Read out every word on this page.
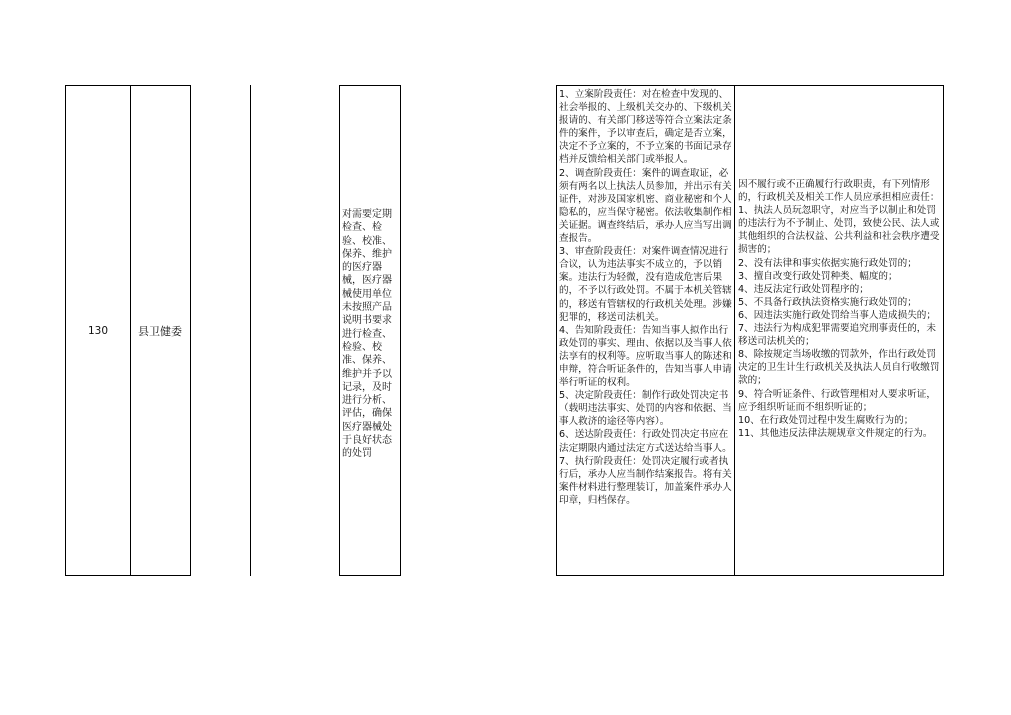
130	县卫健委
对需要定期检查、检验、校准、保养、维护的医疗器械，医疗器械使用单位未按照产品说明书要求进行检查、检验、校准、保养、维护并予以记录，及时进行分析、评估，确保医疗器械处于良好状态的处罚
1、立案阶段责任：对在检查中发现的、社会举报的、上级机关交办的、下级机关报请的、有关部门移送等符合立案法定条件的案件，予以审查后，确定是否立案，决定不予立案的，不予立案的书面记录存档并反馈给相关部门或举报人。
2、调查阶段责任：案件的调查取证，必须有两名以上执法人员参加，并出示有关证件，对涉及国家机密、商业秘密和个人隐私的，应当保守秘密。依法收集制作相关证据。调查终结后，承办人应当写出调查报告。
3、审查阶段责任：对案件调查情况进行合议，认为违法事实不成立的，予以销案。违法行为轻微，没有造成危害后果的，不予以行政处罚。不属于本机关管辖的，移送有管辖权的行政机关处理。涉嫌犯罪的，移送司法机关。
4、告知阶段责任：告知当事人拟作出行政处罚的事实、理由、依据以及当事人依法享有的权利等。应听取当事人的陈述和申辩，符合听证条件的，告知当事人申请举行听证的权利。
5、决定阶段责任：制作行政处罚决定书（载明违法事实、处罚的内容和依据、当事人救济的途径等内容）。
6、送达阶段责任：行政处罚决定书应在法定期限内通过法定方式送达给当事人。
7、执行阶段责任：处罚决定履行或者执行后，承办人应当制作结案报告。将有关案件材料进行整理装订，加盖案件承办人印章，归档保存。
因不履行或不正确履行行政职责，有下列情形的，行政机关及相关工作人员应承担相应责任：
1、执法人员玩忽职守，对应当予以制止和处罚的违法行为不予制止、处罚，致使公民、法人或其他组织的合法权益、公共利益和社会秩序遭受损害的；
2、没有法律和事实依据实施行政处罚的；
3、擅自改变行政处罚种类、幅度的；
4、违反法定行政处罚程序的；
5、不具备行政执法资格实施行政处罚的；
6、因违法实施行政处罚给当事人造成损失的；
7、违法行为构成犯罪需要追究刑事责任的，未移送司法机关的；
8、除按规定当场收缴的罚款外，作出行政处罚决定的卫生计生行政机关及执法人员自行收缴罚款的；
9、符合听证条件、行政管理相对人要求听证，应予组织听证而不组织听证的；
10、在行政处罚过程中发生腐败行为的；
11、其他违反法律法规规章文件规定的行为。
